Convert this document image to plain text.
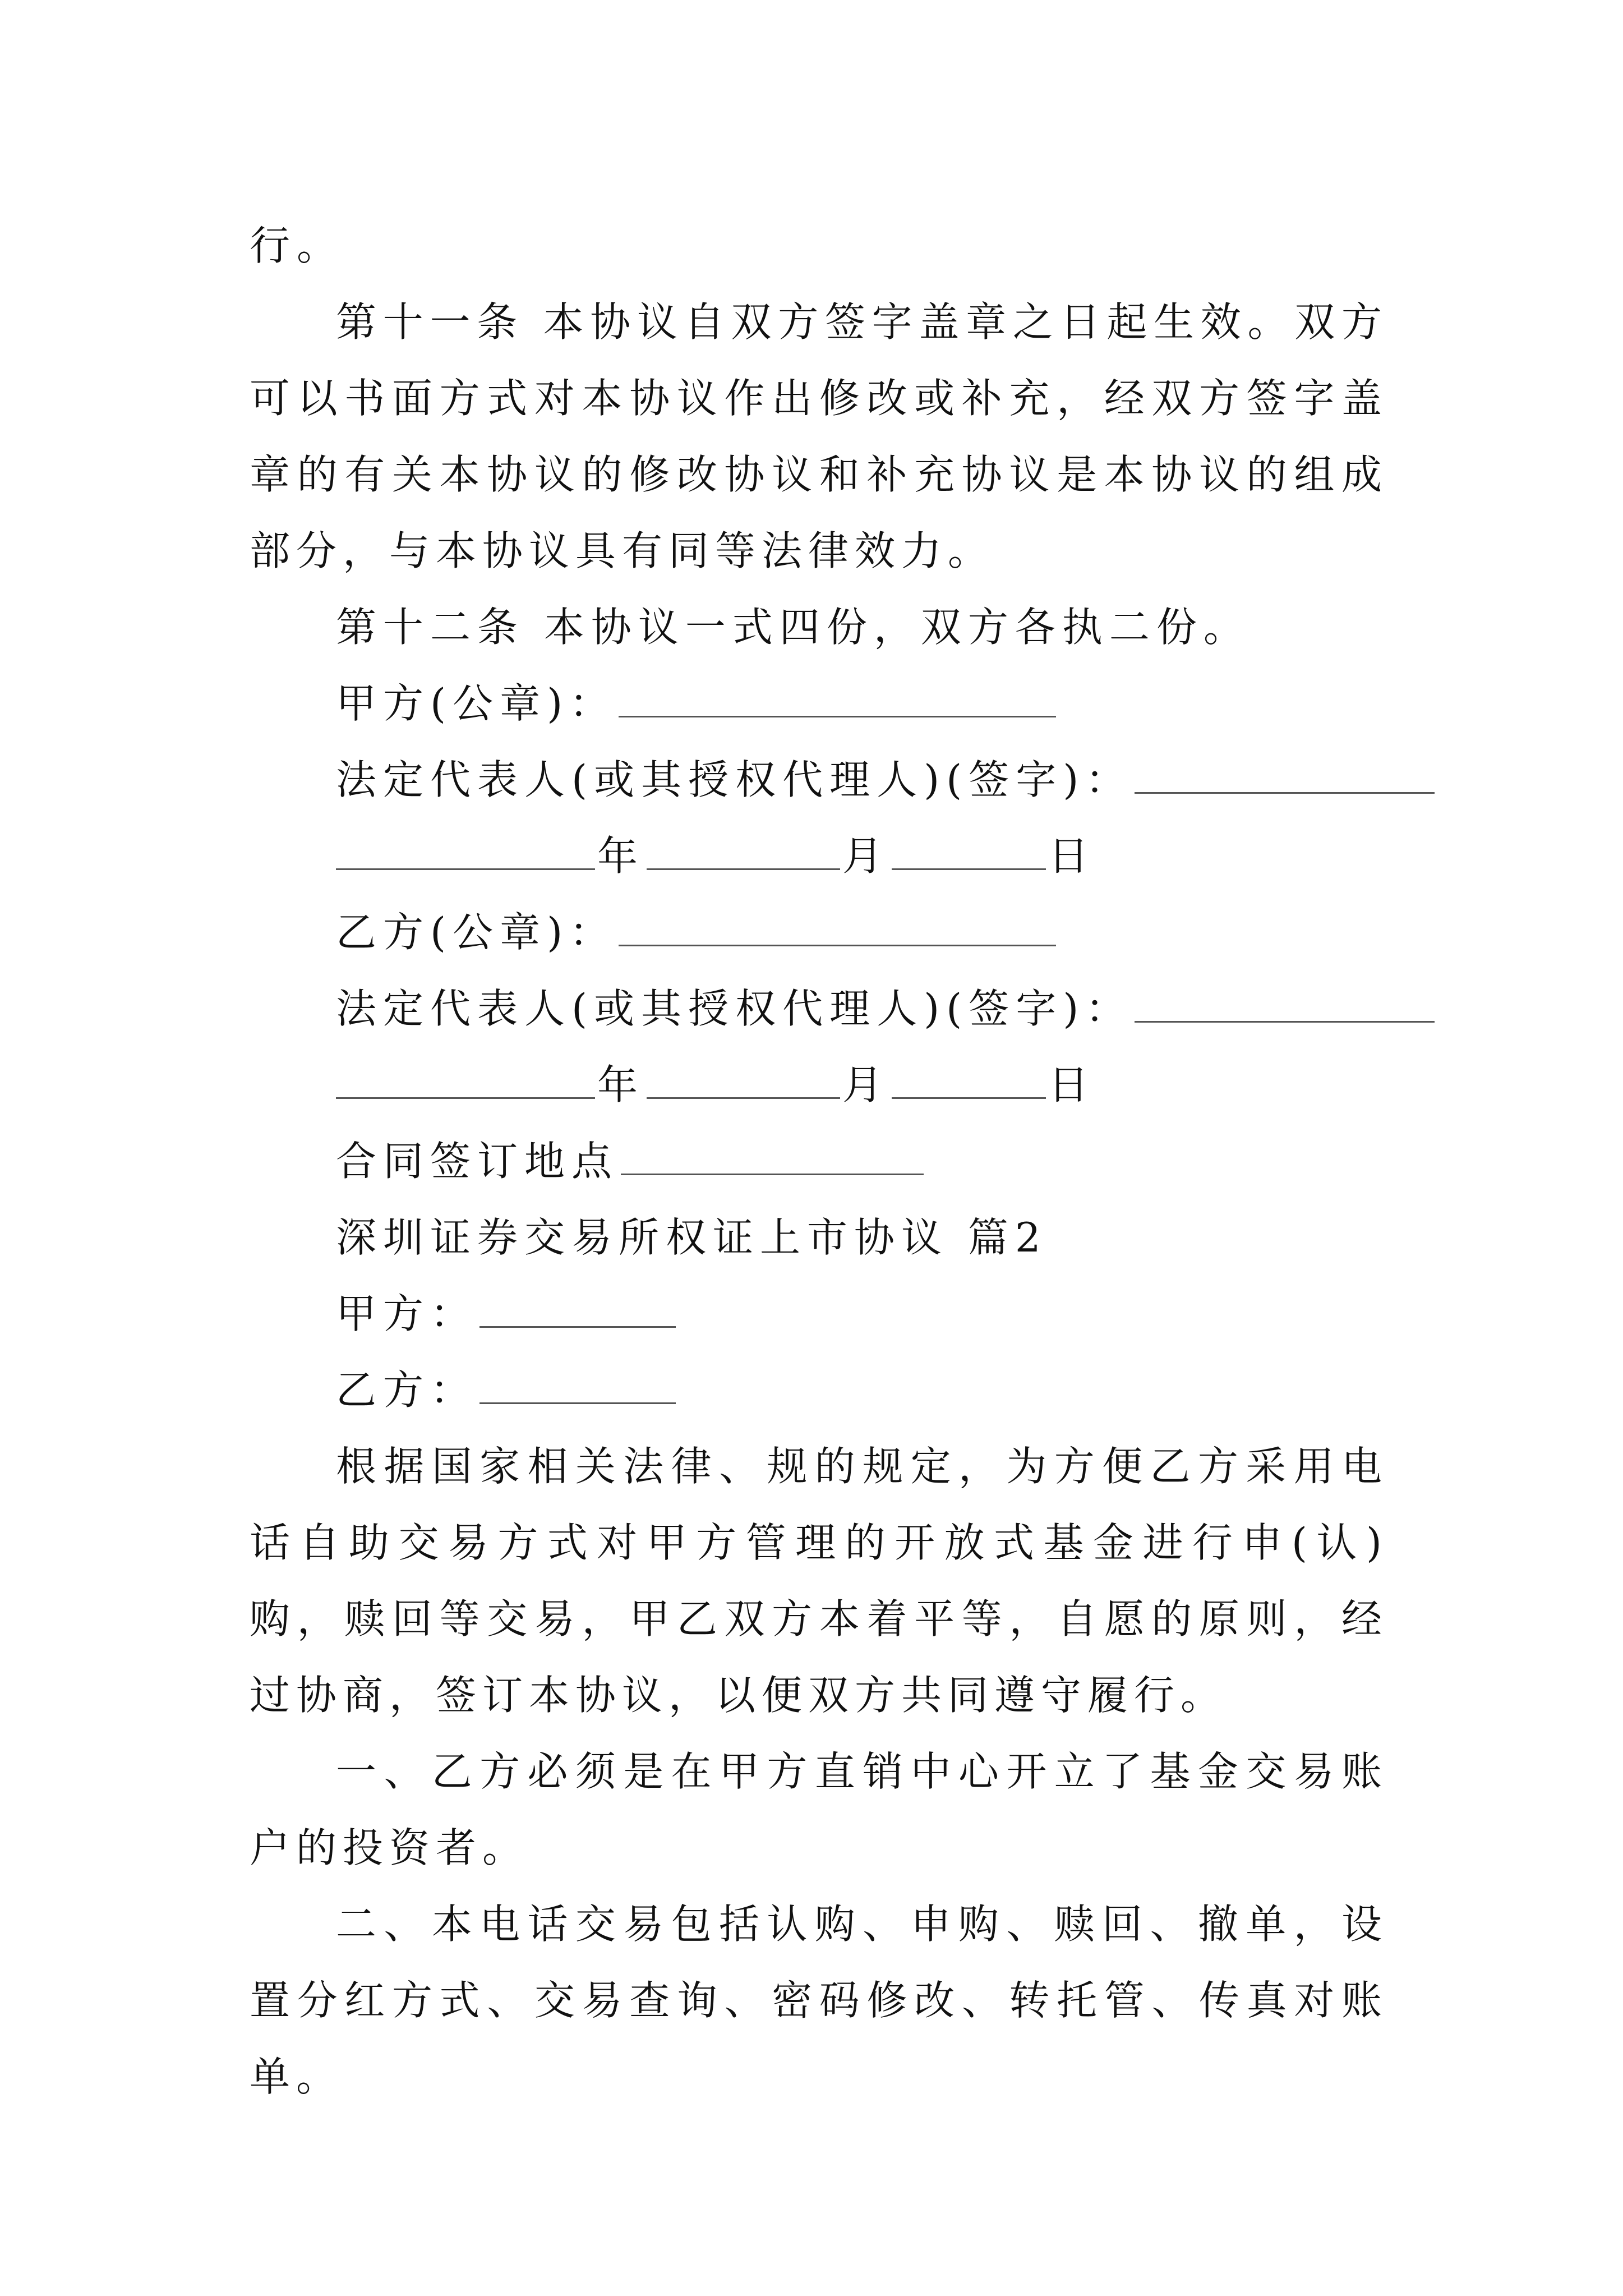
行。
第十一条 本协议自双方签字盖章之日起生效。双方可以书面方式对本协议作出修改或补充，经双方签字盖章的有关本协议的修改协议和补充协议是本协议的组成部分，与本协议具有同等法律效力。
第十二条 本协议一式四份，双方各执二份。
甲方(公章)：
法定代表人(或其授权代理人)(签字)：
年	月	日
乙方(公章)：
法定代表人(或其授权代理人)(签字)：
年	月	日
合同签订地点
深圳证券交易所权证上市协议 篇2
甲方：
乙方：
根据国家相关法律、规的规定，为方便乙方采用电话自助交易方式对甲方管理的开放式基金进行申(认)购，赎回等交易，甲乙双方本着平等，自愿的原则，经过协商，签订本协议，以便双方共同遵守履行。
一、乙方必须是在甲方直销中心开立了基金交易账户的投资者。
二、本电话交易包括认购、申购、赎回、撤单，设置分红方式、交易查询、密码修改、转托管、传真对账单。
